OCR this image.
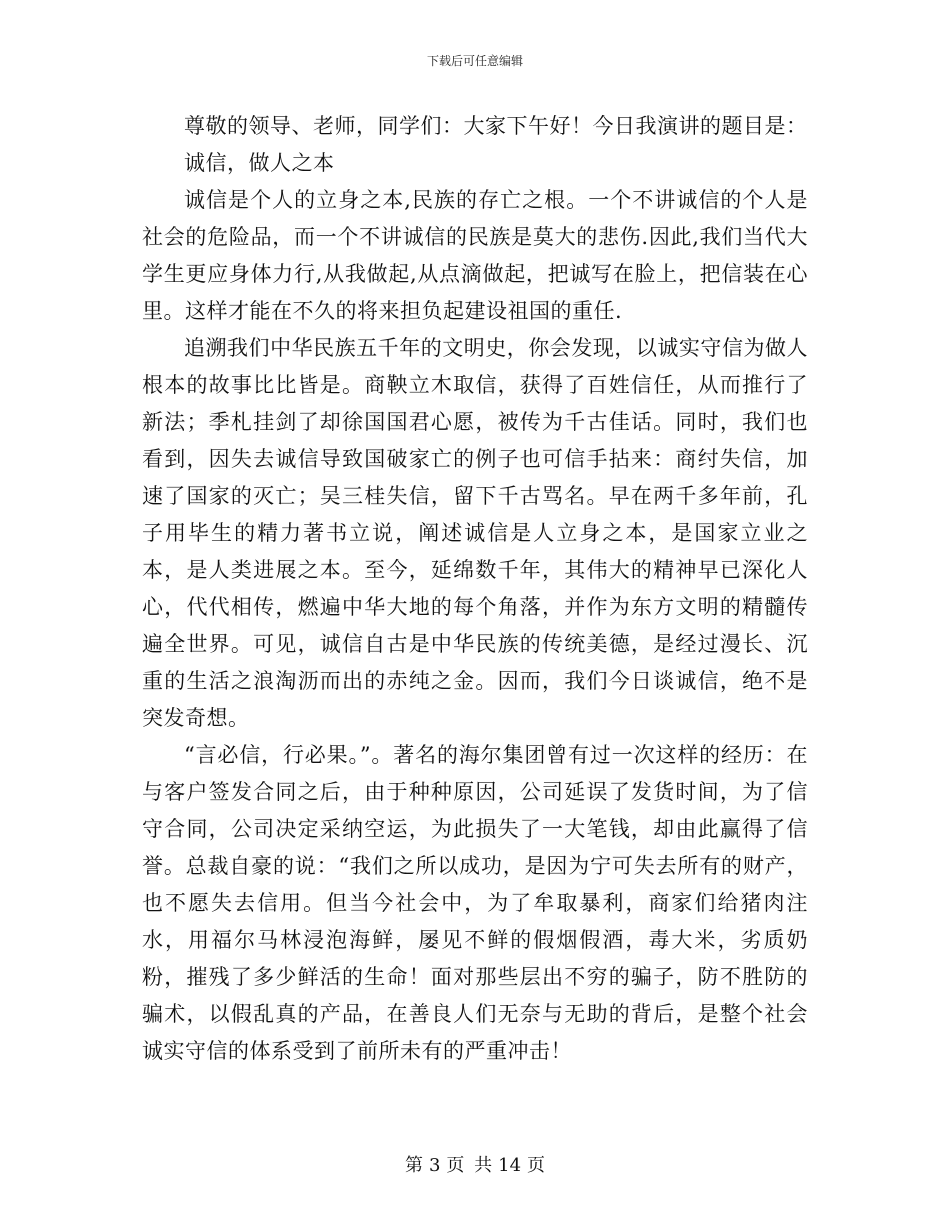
下载后可任意编辑

尊敬的领导、老师，同学们：大家下午好！今日我演讲的题目是：

诚信，做人之本

诚信是个人的立身之本,民族的存亡之根。一个不讲诚信的个人是社会的危险品，而一个不讲诚信的民族是莫大的悲伤.因此,我们当代大学生更应身体力行,从我做起,从点滴做起，把诚写在脸上，把信装在心里。这样才能在不久的将来担负起建设祖国的重任.

追溯我们中华民族五千年的文明史，你会发现，以诚实守信为做人根本的故事比比皆是。商鞅立木取信，获得了百姓信任，从而推行了新法；季札挂剑了却徐国国君心愿，被传为千古佳话。同时，我们也看到，因失去诚信导致国破家亡的例子也可信手拈来：商纣失信，加速了国家的灭亡；吴三桂失信，留下千古骂名。早在两千多年前，孔子用毕生的精力著书立说，阐述诚信是人立身之本，是国家立业之本，是人类进展之本。至今，延绵数千年，其伟大的精神早已深化人心，代代相传，燃遍中华大地的每个角落，并作为东方文明的精髓传遍全世界。可见，诚信自古是中华民族的传统美德，是经过漫长、沉重的生活之浪淘沥而出的赤纯之金。因而，我们今日谈诚信，绝不是突发奇想。

“言必信，行必果。”。著名的海尔集团曾有过一次这样的经历：在与客户签发合同之后，由于种种原因，公司延误了发货时间，为了信守合同，公司决定采纳空运，为此损失了一大笔钱，却由此赢得了信誉。总裁自豪的说：“我们之所以成功，是因为宁可失去所有的财产，也不愿失去信用。但当今社会中，为了牟取暴利，商家们给猪肉注水，用福尔马林浸泡海鲜，屡见不鲜的假烟假酒，毒大米，劣质奶粉，摧残了多少鲜活的生命！面对那些层出不穷的骗子，防不胜防的骗术，以假乱真的产品，在善良人们无奈与无助的背后，是整个社会诚实守信的体系受到了前所未有的严重冲击！

第 3 页 共 14 页
